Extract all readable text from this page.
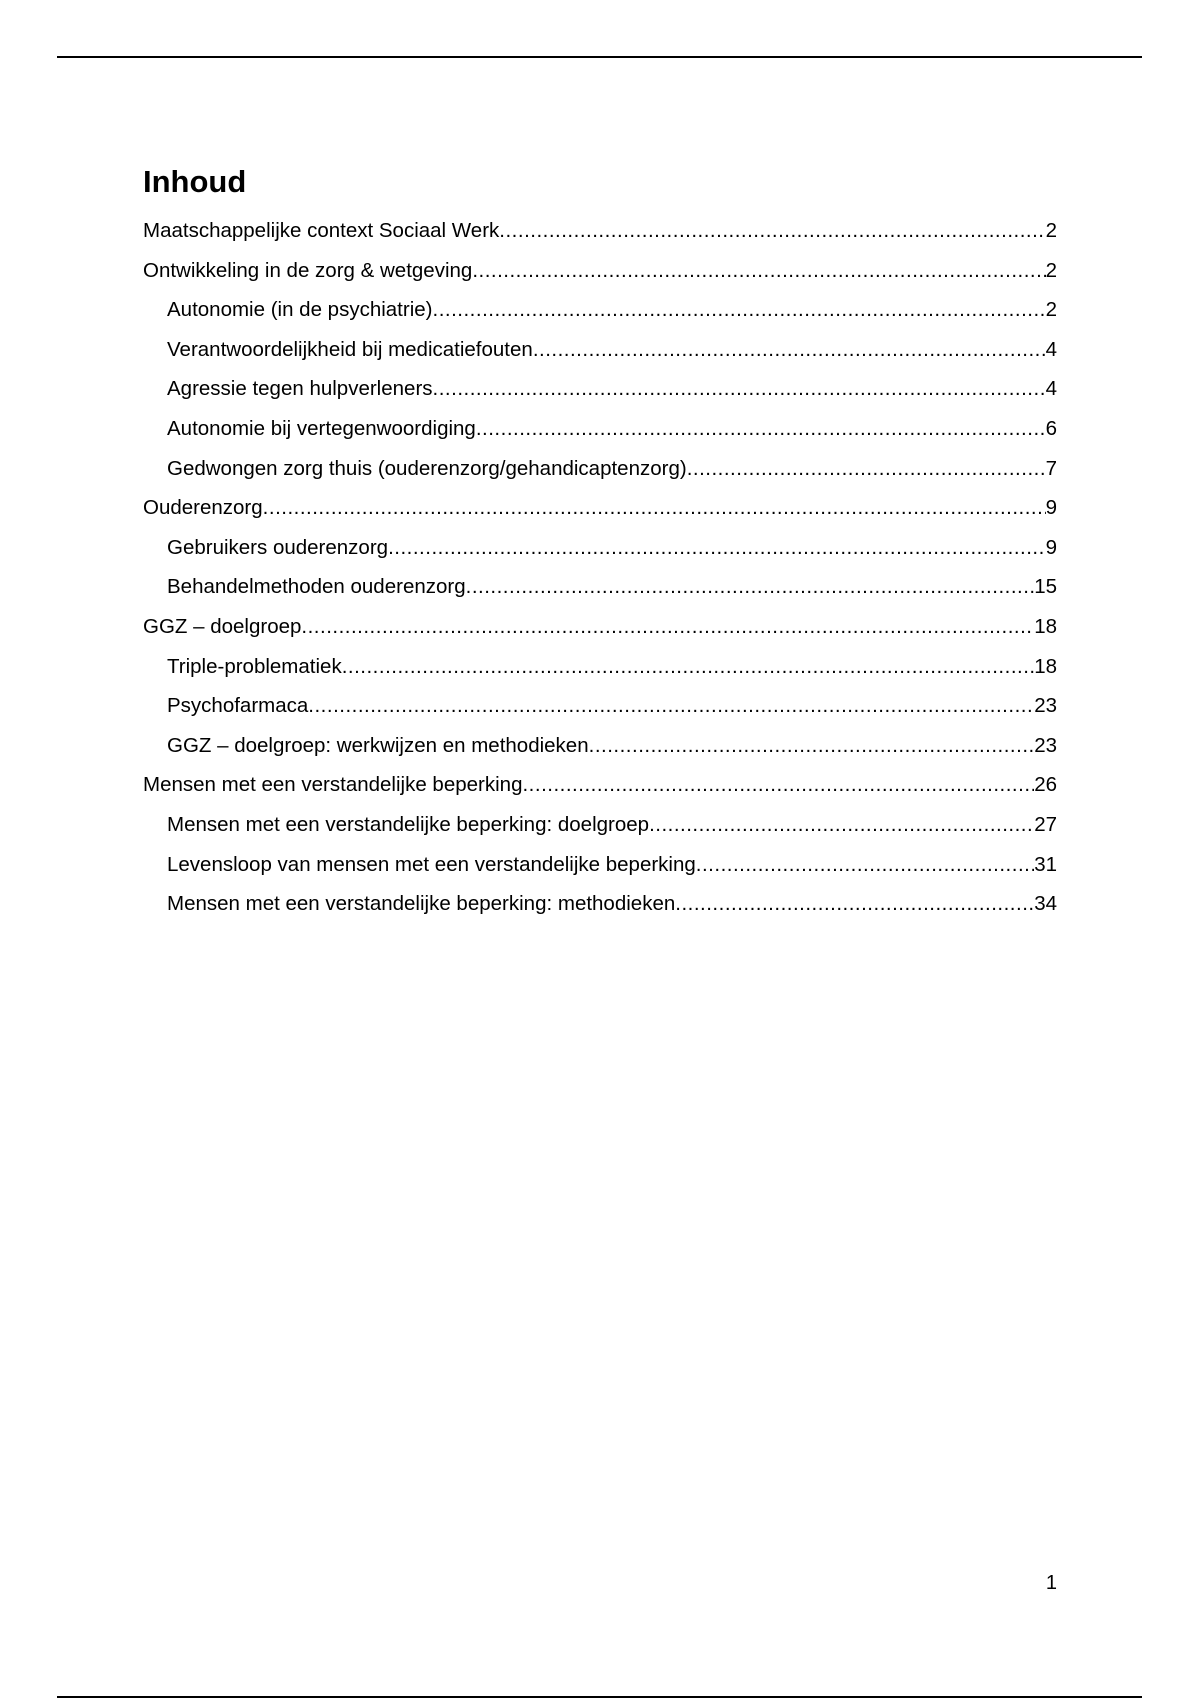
Inhoud
Maatschappelijke context Sociaal Werk .....	2
Ontwikkeling in de zorg & wetgeving .....	2
Autonomie (in de psychiatrie) .....	2
Verantwoordelijkheid bij medicatiefouten .....	4
Agressie tegen hulpverleners .....	4
Autonomie bij vertegenwoordiging .....	6
Gedwongen zorg thuis (ouderenzorg/gehandicaptenzorg) .....	7
Ouderenzorg .....	9
Gebruikers ouderenzorg .....	9
Behandelmethoden ouderenzorg .....	15
GGZ – doelgroep .....	18
Triple-problematiek .....	18
Psychofarmaca .....	23
GGZ – doelgroep: werkwijzen en methodieken .....	23
Mensen met een verstandelijke beperking .....	26
Mensen met een verstandelijke beperking: doelgroep .....	27
Levensloop van mensen met een verstandelijke beperking .....	31
Mensen met een verstandelijke beperking: methodieken .....	34
1
